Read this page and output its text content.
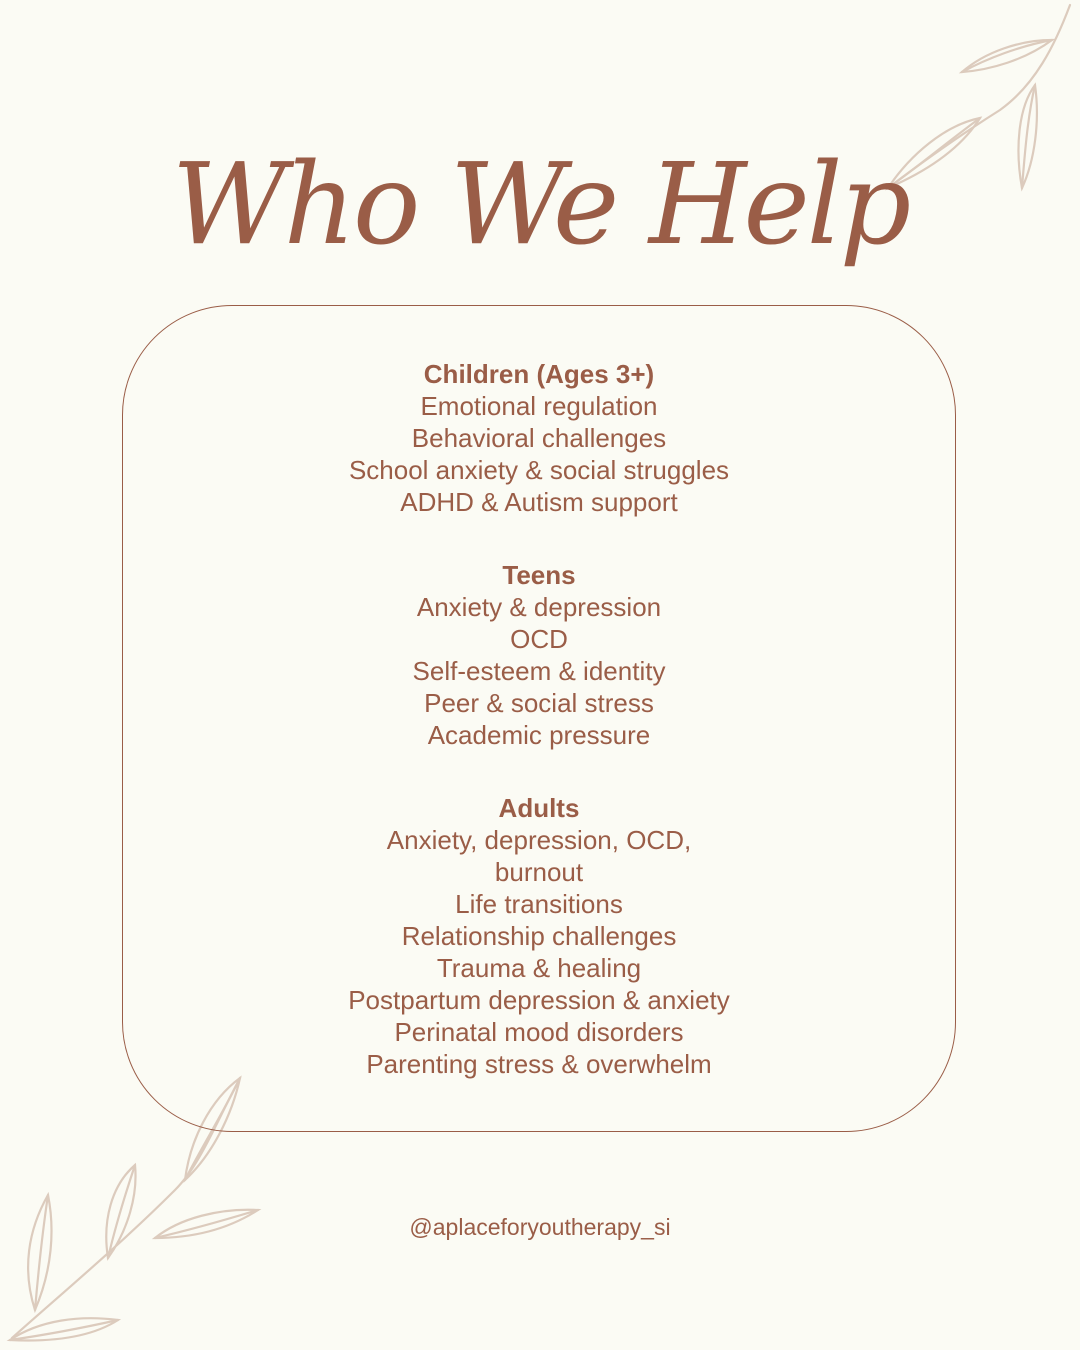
Who We Help
Children (Ages 3+)
Emotional regulation
Behavioral challenges
School anxiety & social struggles
ADHD & Autism support
Teens
Anxiety & depression
OCD
Self-esteem & identity
Peer & social stress
Academic pressure
Adults
Anxiety, depression, OCD,
burnout
Life transitions
Relationship challenges
Trauma & healing
Postpartum depression & anxiety
Perinatal mood disorders
Parenting stress & overwhelm
@aplaceforyoutherapy_si
